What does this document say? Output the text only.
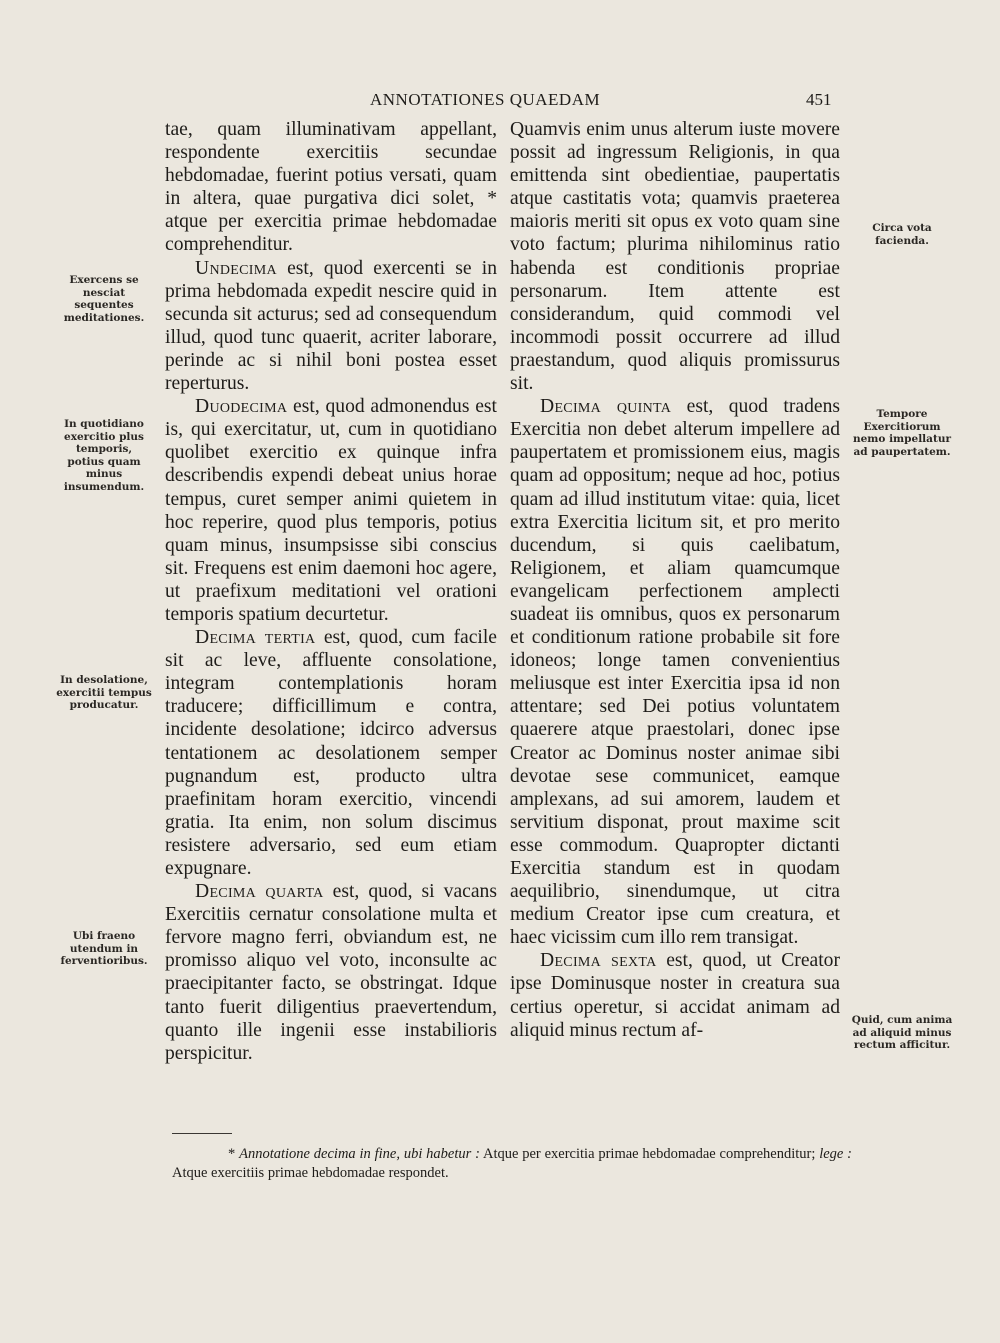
ANNOTATIONES QUAEDAM	451
Exercens se nesciat sequentes meditationes.
In quotidiano exercitio plus temporis, potius quam minus insumendum.
In desolatione, exercitii tempus producatur.
Ubi fraeno utendum in ferventioribus.
Circa vota facienda.
Tempore Exercitiorum nemo impellatur ad paupertatem.
Quid, cum anima ad aliquid minus rectum afficitur.

tae, quam illuminativam appellant, respondente exercitiis secundae hebdomadae, fuerint potius versati, quam in altera, quae purgativa dici solet, * atque per exercitia primae hebdomadae comprehenditur.

Undecima est, quod exercenti se in prima hebdomada expedit nescire quid in secunda sit acturus; sed ad consequendum illud, quod tunc quaerit, acriter laborare, perinde ac si nihil boni postea esset reperturus.

Duodecima est, quod admonendus est is, qui exercitatur, ut, cum in quotidiano quolibet exercitio ex quinque infra describendis expendi debeat unius horae tempus, curet semper animi quietem in hoc reperire, quod plus temporis, potius quam minus, insumpsisse sibi conscius sit. Frequens est enim daemoni hoc agere, ut praefixum meditationi vel orationi temporis spatium decurtetur.

Decima tertia est, quod, cum facile sit ac leve, affluente consolatione, integram contemplationis horam traducere; difficillimum e contra, incidente desolatione; idcirco adversus tentationem ac desolationem semper pugnandum est, producto ultra praefinitam horam exercitio, vincendi gratia. Ita enim, non solum discimus resistere adversario, sed eum etiam expugnare.

Decima quarta est, quod, si vacans Exercitiis cernatur consolatione multa et fervore magno ferri, obviandum est, ne promisso aliquo vel voto, inconsulte ac praecipitanter facto, se obstringat. Idque tanto fuerit diligentius praevertendum, quanto ille ingenii esse instabilioris perspicitur.

Quamvis enim unus alterum iuste movere possit ad ingressum Religionis, in qua emittenda sint obedientiae, paupertatis atque castitatis vota; quamvis praeterea maioris meriti sit opus ex voto quam sine voto factum; plurima nihilominus ratio habenda est conditionis propriae personarum. Item attente est considerandum, quid commodi vel incommodi possit occurrere ad illud praestandum, quod aliquis promissurus sit.

Decima quinta est, quod tradens Exercitia non debet alterum impellere ad paupertatem et promissionem eius, magis quam ad oppositum; neque ad hoc, potius quam ad illud institutum vitae: quia, licet extra Exercitia licitum sit, et pro merito ducendum, si quis caelibatum, Religionem, et aliam quamcumque evangelicam perfectionem amplecti suadeat iis omnibus, quos ex personarum et conditionum ratione probabile sit fore idoneos; longe tamen convenientius meliusque est inter Exercitia ipsa id non attentare; sed Dei potius voluntatem quaerere atque praestolari, donec ipse Creator ac Dominus noster animae sibi devotae sese communicet, eamque amplexans, ad sui amorem, laudem et servitium disponat, prout maxime scit esse commodum. Quapropter dictanti Exercitia standum est in quodam aequilibrio, sinendumque, ut citra medium Creator ipse cum creatura, et haec vicissim cum illo rem transigat.

Decima sexta est, quod, ut Creator ipse Dominusque noster in creatura sua certius operetur, si accidat animam ad aliquid minus rectum af-

* Annotatione decima in fine, ubi habetur : Atque per exercitia primae hebdomadae comprehenditur; lege : Atque exercitiis primae hebdomadae respondet.
